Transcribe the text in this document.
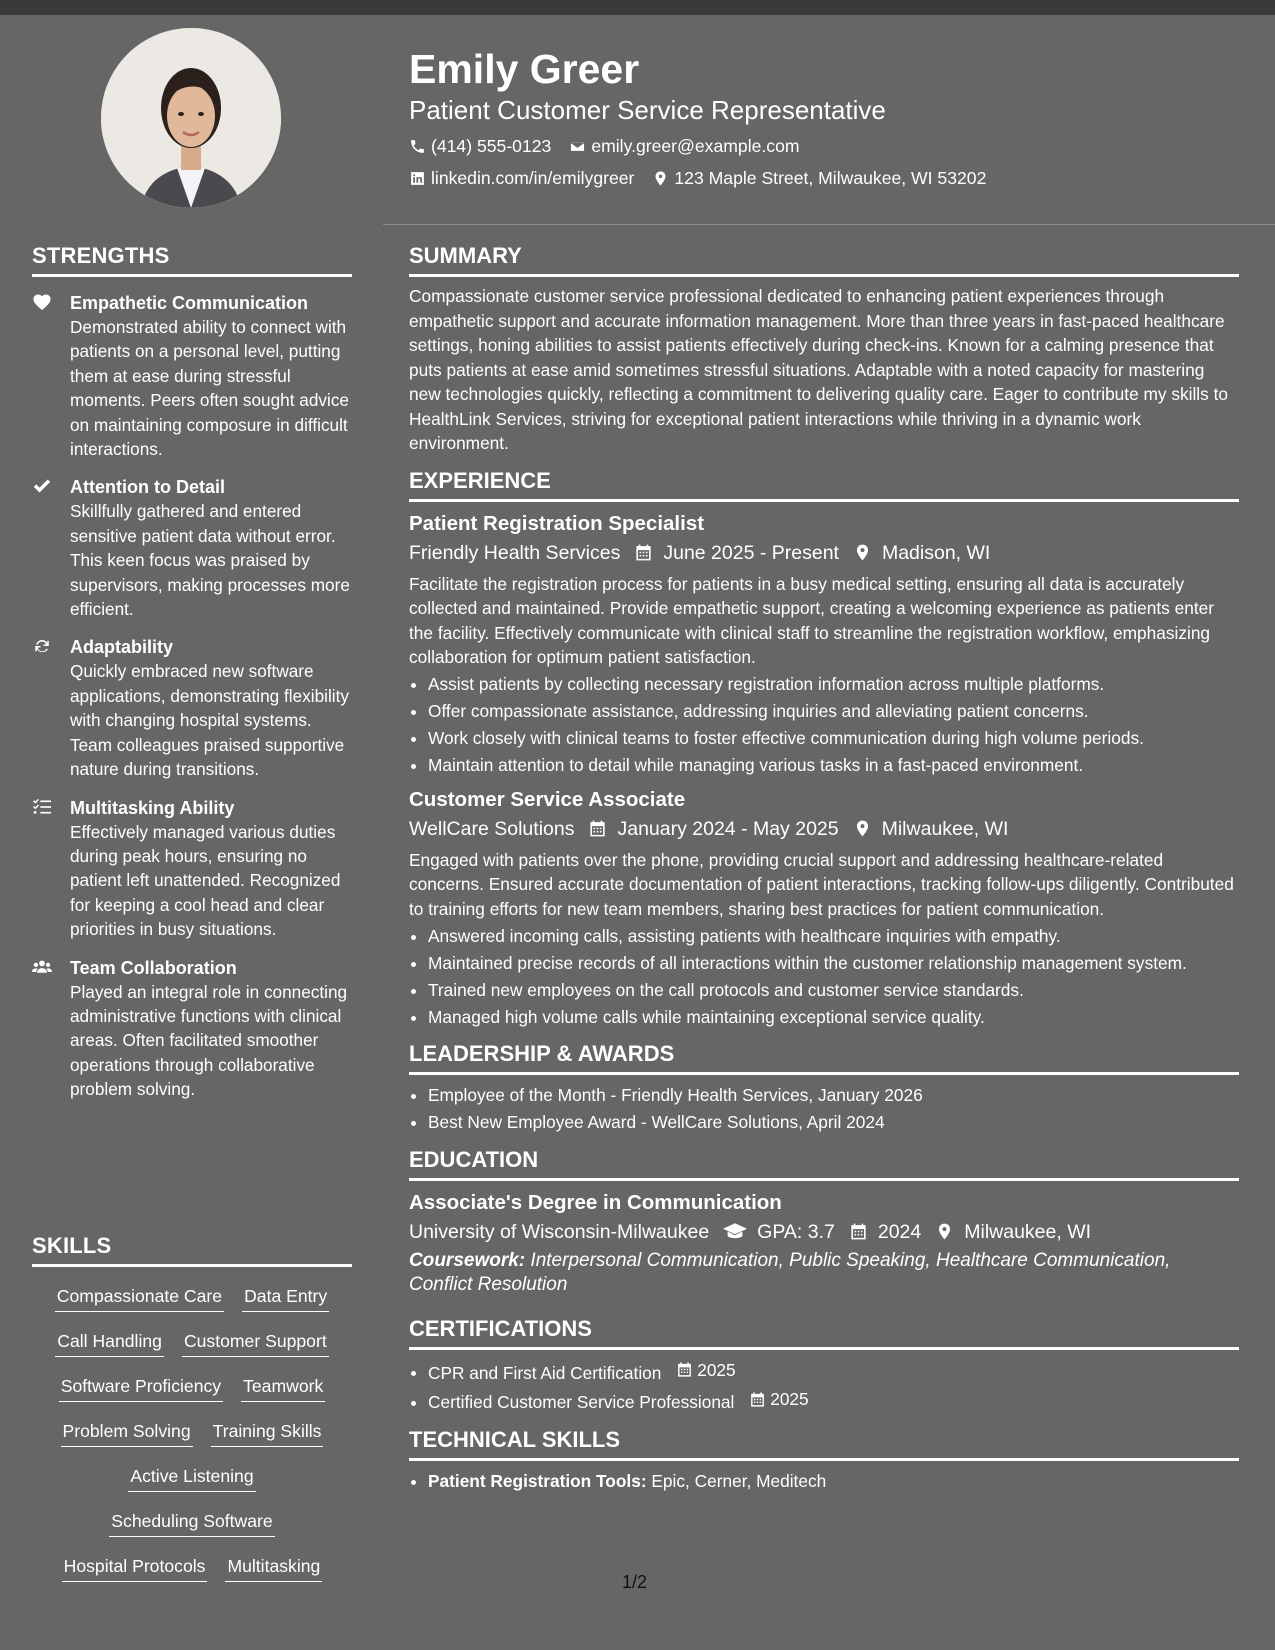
Emily Greer
Patient Customer Service Representative
(414) 555-0123 emily.greer@example.com
linkedin.com/in/emilygreer 123 Maple Street, Milwaukee, WI 53202
STRENGTHS
Empathetic Communication
Demonstrated ability to connect with patients on a personal level, putting them at ease during stressful moments. Peers often sought advice on maintaining composure in difficult interactions.
Attention to Detail
Skillfully gathered and entered sensitive patient data without error. This keen focus was praised by supervisors, making processes more efficient.
Adaptability
Quickly embraced new software applications, demonstrating flexibility with changing hospital systems. Team colleagues praised supportive nature during transitions.
Multitasking Ability
Effectively managed various duties during peak hours, ensuring no patient left unattended. Recognized for keeping a cool head and clear priorities in busy situations.
Team Collaboration
Played an integral role in connecting administrative functions with clinical areas. Often facilitated smoother operations through collaborative problem solving.
SKILLS
Compassionate Care Data Entry
Call Handling Customer Support
Software Proficiency Teamwork
Problem Solving Training Skills
Active Listening
Scheduling Software
Hospital Protocols Multitasking
SUMMARY
Compassionate customer service professional dedicated to enhancing patient experiences through empathetic support and accurate information management. More than three years in fast-paced healthcare settings, honing abilities to assist patients effectively during check-ins. Known for a calming presence that puts patients at ease amid sometimes stressful situations. Adaptable with a noted capacity for mastering new technologies quickly, reflecting a commitment to delivering quality care. Eager to contribute my skills to HealthLink Services, striving for exceptional patient interactions while thriving in a dynamic work environment.
EXPERIENCE
Patient Registration Specialist
Friendly Health Services June 2025 - Present Madison, WI
Facilitate the registration process for patients in a busy medical setting, ensuring all data is accurately collected and maintained. Provide empathetic support, creating a welcoming experience as patients enter the facility. Effectively communicate with clinical staff to streamline the registration workflow, emphasizing collaboration for optimum patient satisfaction.
• Assist patients by collecting necessary registration information across multiple platforms.
• Offer compassionate assistance, addressing inquiries and alleviating patient concerns.
• Work closely with clinical teams to foster effective communication during high volume periods.
• Maintain attention to detail while managing various tasks in a fast-paced environment.
Customer Service Associate
WellCare Solutions January 2024 - May 2025 Milwaukee, WI
Engaged with patients over the phone, providing crucial support and addressing healthcare-related concerns. Ensured accurate documentation of patient interactions, tracking follow-ups diligently. Contributed to training efforts for new team members, sharing best practices for patient communication.
• Answered incoming calls, assisting patients with healthcare inquiries with empathy.
• Maintained precise records of all interactions within the customer relationship management system.
• Trained new employees on the call protocols and customer service standards.
• Managed high volume calls while maintaining exceptional service quality.
LEADERSHIP & AWARDS
• Employee of the Month - Friendly Health Services, January 2026
• Best New Employee Award - WellCare Solutions, April 2024
EDUCATION
Associate's Degree in Communication
University of Wisconsin-Milwaukee GPA: 3.7 2024 Milwaukee, WI
Coursework: Interpersonal Communication, Public Speaking, Healthcare Communication, Conflict Resolution
CERTIFICATIONS
• CPR and First Aid Certification 2025
• Certified Customer Service Professional 2025
TECHNICAL SKILLS
• Patient Registration Tools: Epic, Cerner, Meditech
1/2
